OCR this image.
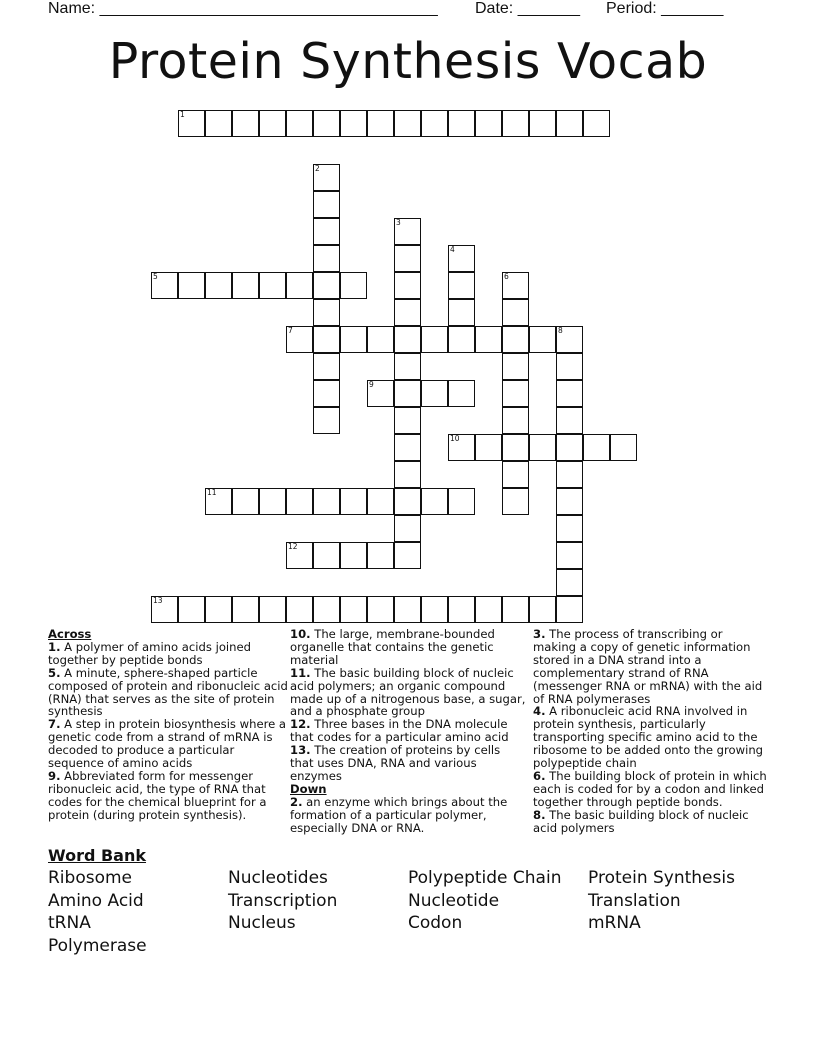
Name: ______________________________________ Date: _______ Period: _______
Protein Synthesis Vocab
1
2
3
4
5	6
7	8
9
10
11
12
13

Across

1. A polymer of amino acids joined together by peptide bonds

5. A minute, sphere-shaped particle composed of protein and ribonucleic acid (RNA) that serves as the site of protein synthesis

7. A step in protein biosynthesis where a genetic code from a strand of mRNA is decoded to produce a particular sequence of amino acids

9. Abbreviated form for messenger ribonucleic acid, the type of RNA that codes for the chemical blueprint for a protein (during protein synthesis).

10. The large, membrane-bounded organelle that contains the genetic material

11. The basic building block of nucleic acid polymers; an organic compound made up of a nitrogenous base, a sugar, and a phosphate group

12. Three bases in the DNA molecule that codes for a particular amino acid

13. The creation of proteins by cells that uses DNA, RNA and various enzymes

Down

2. an enzyme which brings about the formation of a particular polymer, especially DNA or RNA.

3. The process of transcribing or making a copy of genetic information stored in a DNA strand into a complementary strand of RNA (messenger RNA or mRNA) with the aid of RNA polymerases

4. A ribonucleic acid RNA involved in protein synthesis, particularly transporting specific amino acid to the ribosome to be added onto the growing polypeptide chain

6. The building block of protein in which each is coded for by a codon and linked together through peptide bonds.

8. The basic building block of nucleic acid polymers

Word Bank
Ribosome	Nucleotides	Polypeptide Chain	Protein Synthesis
Amino Acid	Transcription	Nucleotide	Translation
tRNA	Nucleus	Codon	mRNA
Polymerase
